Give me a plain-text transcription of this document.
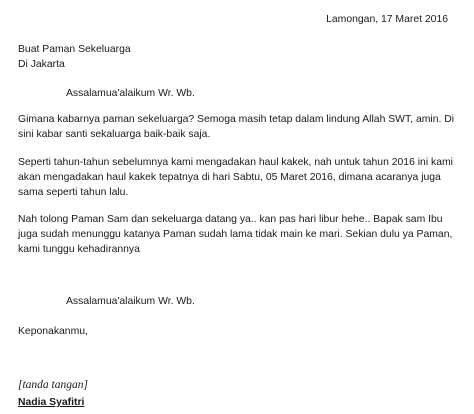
Lamongan, 17 Maret 2016
Buat Paman Sekeluarga
Di Jakarta
Assalamua'alaikum Wr. Wb.
Gimana kabarnya paman sekeluarga? Semoga masih tetap dalam lindung Allah SWT, amin. Di sini kabar santi sekaluarga baik-baik saja.
Seperti tahun-tahun sebelumnya kami mengadakan haul kakek, nah untuk tahun 2016 ini kami akan mengadakan haul kakek tepatnya di hari Sabtu, 05 Maret 2016, dimana acaranya juga sama seperti tahun lalu.
Nah tolong Paman Sam dan sekeluarga datang ya.. kan pas hari libur hehe.. Bapak sam Ibu juga sudah menunggu katanya Paman sudah lama tidak main ke mari. Sekian dulu ya Paman, kami tunggu kehadirannya
Assalamua'alaikum Wr. Wb.
Keponakanmu,
[tanda tangan]
Nadia Syafitri
